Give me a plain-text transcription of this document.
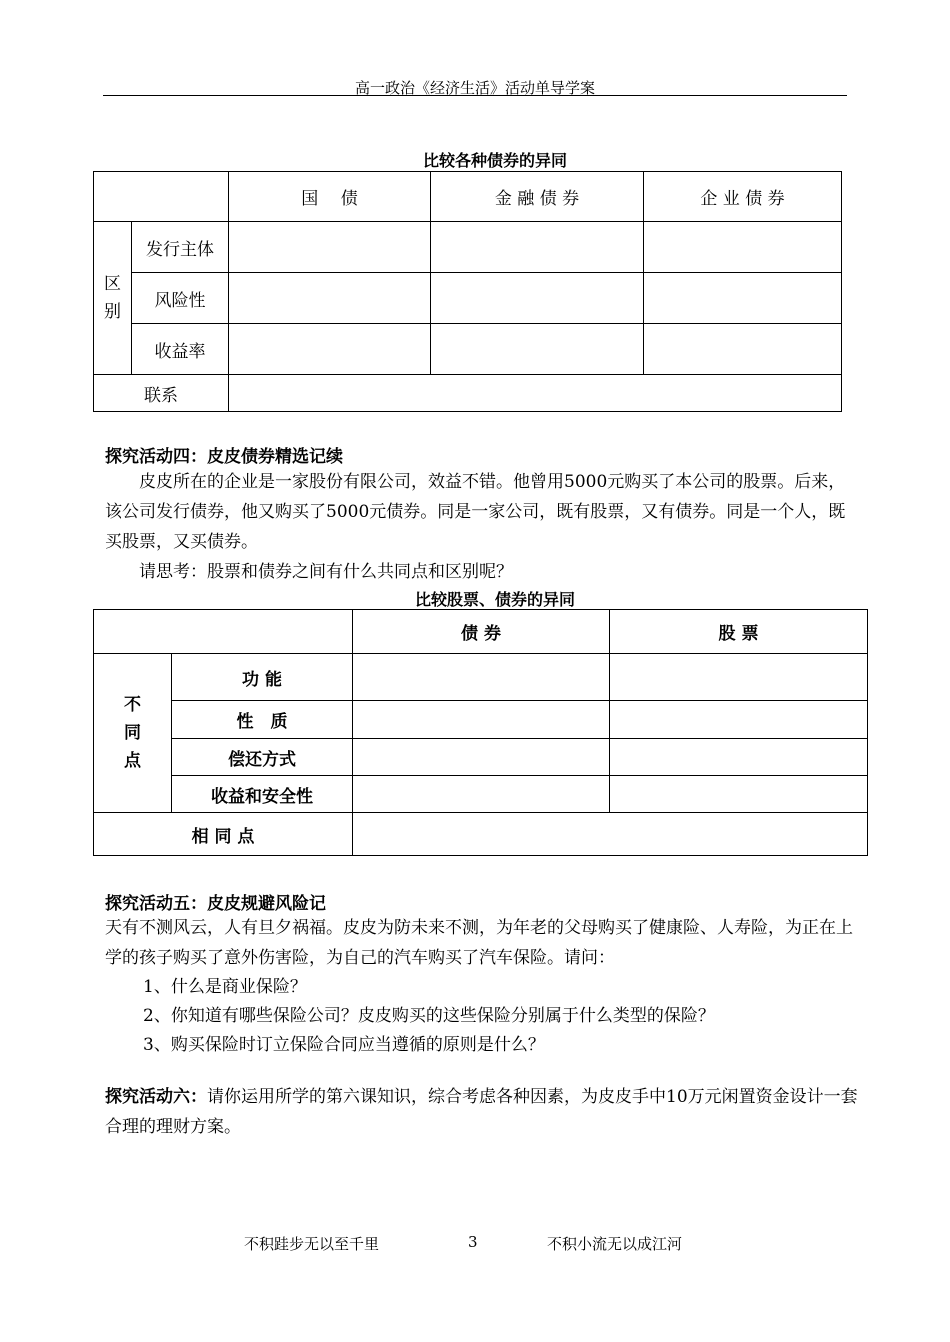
高一政治《经济生活》活动单导学案
比较各种债券的异同
		国　 债	金 融 债 券	企 业 债 券

区
别	发行主体			
	风险性			
	收益率			
联系				
探究活动四：皮皮债券精选记续

皮皮所在的企业是一家股份有限公司，效益不错。他曾用5000元购买了本公司的股票。后来，该公司发行债券，他又购买了5000元债券。同是一家公司，既有股票，又有债券。同是一个人，既买股票，又买债券。

请思考：股票和债券之间有什么共同点和区别呢？

比较股票、债券的异同
		债 券	股 票

不
同
点	功 能		
	性　质		
	偿还方式		
	收益和安全性		
相 同 点			
探究活动五：皮皮规避风险记
天有不测风云，人有旦夕祸福。皮皮为防未来不测，为年老的父母购买了健康险、人寿险，为正在上学的孩子购买了意外伤害险，为自己的汽车购买了汽车保险。请问：
1、什么是商业保险？
2、你知道有哪些保险公司？皮皮购买的这些保险分别属于什么类型的保险？
3、购买保险时订立保险合同应当遵循的原则是什么？
探究活动六：请你运用所学的第六课知识，综合考虑各种因素，为皮皮手中10万元闲置资金设计一套合理的理财方案。
不积跬步无以至千里	3	不积小流无以成江河
